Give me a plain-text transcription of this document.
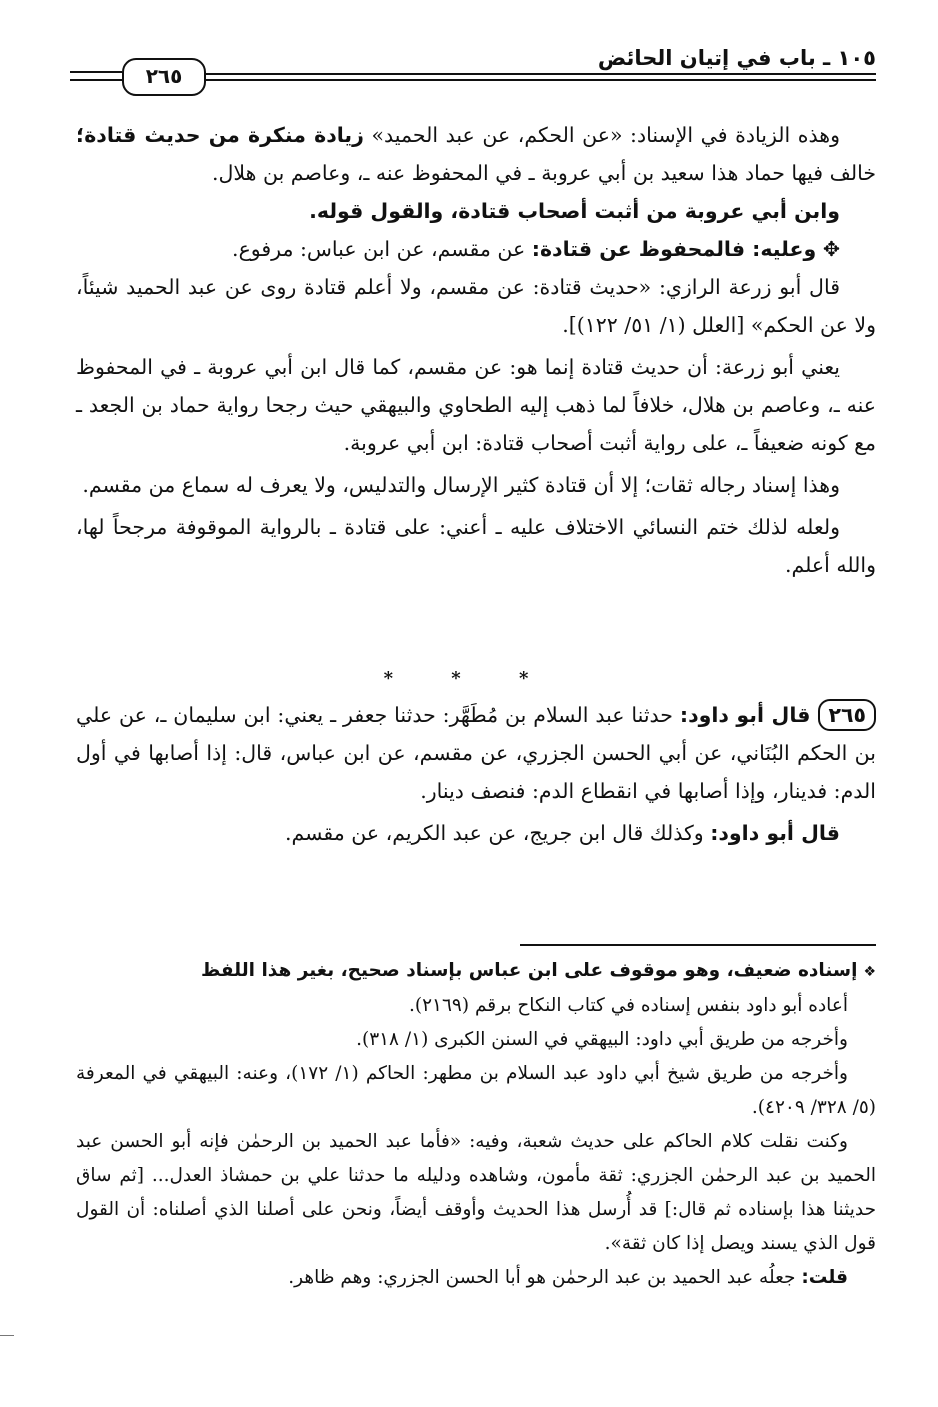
١٠٥ ـ باب في إتيان الحائض
٢٦٥

وهذه الزيادة في الإسناد: «عن الحكم، عن عبد الحميد» زيادة منكرة من حديث قتادة؛ خالف فيها حماد هذا سعيد بن أبي عروبة ـ في المحفوظ عنه ـ، وعاصم بن هلال.

وابن أبي عروبة من أثبت أصحاب قتادة، والقول قوله.

✥ وعليه: فالمحفوظ عن قتادة: عن مقسم، عن ابن عباس: مرفوع.

قال أبو زرعة الرازي: «حديث قتادة: عن مقسم، ولا أعلم قتادة روى عن عبد الحميد شيئاً، ولا عن الحكم» [العلل (١/ ٥١/ ١٢٢)].

يعني أبو زرعة: أن حديث قتادة إنما هو: عن مقسم، كما قال ابن أبي عروبة ـ في المحفوظ عنه ـ، وعاصم بن هلال، خلافاً لما ذهب إليه الطحاوي والبيهقي حيث رجحا رواية حماد بن الجعد ـ مع كونه ضعيفاً ـ، على رواية أثبت أصحاب قتادة: ابن أبي عروبة.

وهذا إسناد رجاله ثقات؛ إلا أن قتادة كثير الإرسال والتدليس، ولا يعرف له سماع من مقسم.

ولعله لذلك ختم النسائي الاختلاف عليه ـ أعني: على قتادة ـ بالرواية الموقوفة مرجحاً لها، والله أعلم.

* * *

٢٦٥قال أبو داود: حدثنا عبد السلام بن مُطَهَّر: حدثنا جعفر ـ يعني: ابن سليمان ـ، عن علي بن الحكم البُنَاني، عن أبي الحسن الجزري، عن مقسم، عن ابن عباس، قال: إذا أصابها في أول الدم: فدينار، وإذا أصابها في انقطاع الدم: فنصف دينار.

قال أبو داود: وكذلك قال ابن جريج، عن عبد الكريم، عن مقسم.

❖إسناده ضعيف، وهو موقوف على ابن عباس بإسناد صحيح، بغير هذا اللفظ

أعاده أبو داود بنفس إسناده في كتاب النكاح برقم (٢١٦٩).

وأخرجه من طريق أبي داود: البيهقي في السنن الكبرى (١/ ٣١٨).

وأخرجه من طريق شيخ أبي داود عبد السلام بن مطهر: الحاكم (١/ ١٧٢)، وعنه: البيهقي في المعرفة (٥/ ٣٢٨/ ٤٢٠٩).

وكنت نقلت كلام الحاكم على حديث شعبة، وفيه: «فأما عبد الحميد بن الرحمٰن فإنه أبو الحسن عبد الحميد بن عبد الرحمٰن الجزري: ثقة مأمون، وشاهده ودليله ما حدثنا علي بن حمشاذ العدل... [ثم ساق حديثنا هذا بإسناده ثم قال:] قد أُرسل هذا الحديث وأوقف أيضاً، ونحن على أصلنا الذي أصلناه: أن القول قول الذي يسند ويصل إذا كان ثقة».

قلت: جعلُه عبد الحميد بن عبد الرحمٰن هو أبا الحسن الجزري: وهم ظاهر.
